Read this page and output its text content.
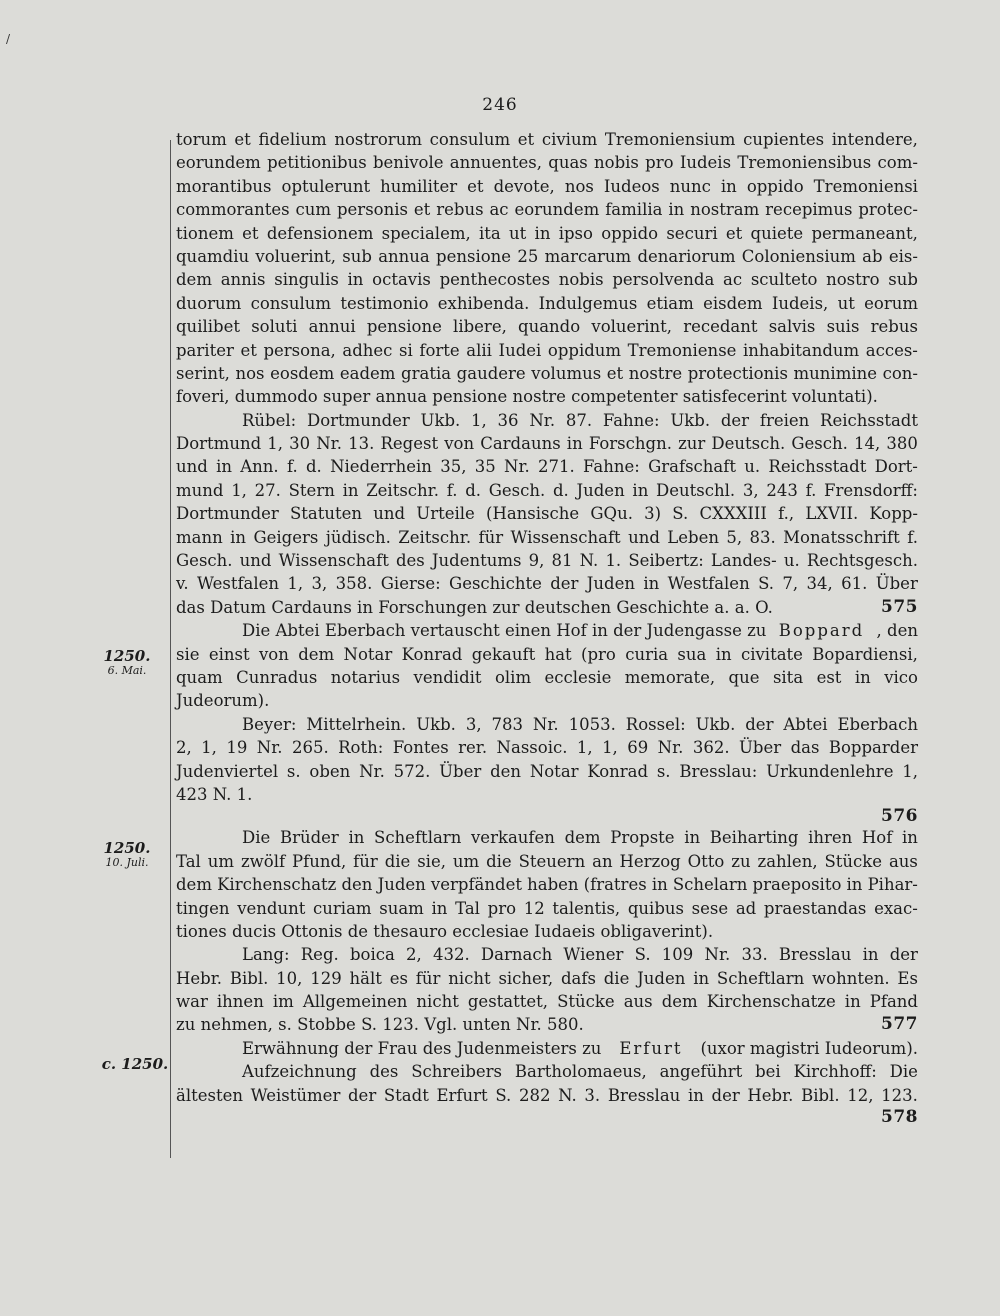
/
246
1250.
6. Mai.
1250.
10. Juli.
c. 1250.
torum et fidelium nostrorum consulum et civium Tremoniensium cupientes intendere,
eorundem petitionibus benivole annuentes, quas nobis pro Iudeis Tremoniensibus com-
morantibus optulerunt humiliter et devote, nos Iudeos nunc in oppido Tremoniensi
commorantes cum personis et rebus ac eorundem familia in nostram recepimus protec-
tionem et defensionem specialem, ita ut in ipso oppido securi et quiete permaneant,
quamdiu voluerint, sub annua pensione 25 marcarum denariorum Coloniensium ab eis-
dem annis singulis in octavis penthecostes nobis persolvenda ac sculteto nostro sub
duorum consulum testimonio exhibenda. Indulgemus etiam eisdem Iudeis, ut eorum
quilibet soluti annui pensione libere, quando voluerint, recedant salvis suis rebus
pariter et persona, adhec si forte alii Iudei oppidum Tremoniense inhabitandum acces-
serint, nos eosdem eadem gratia gaudere volumus et nostre protectionis munimine con-
foveri, dummodo super annua pensione nostre competenter satisfecerint voluntati).
Rübel: Dortmunder Ukb. 1, 36 Nr. 87. Fahne: Ukb. der freien Reichsstadt
Dortmund 1, 30 Nr. 13. Regest von Cardauns in Forschgn. zur Deutsch. Gesch. 14, 380
und in Ann. f. d. Niederrhein 35, 35 Nr. 271. Fahne: Grafschaft u. Reichsstadt Dort-
mund 1, 27. Stern in Zeitschr. f. d. Gesch. d. Juden in Deutschl. 3, 243 f. Frensdorff:
Dortmunder Statuten und Urteile (Hansische GQu. 3) S. CXXXIII f., LXVII. Kopp-
mann in Geigers jüdisch. Zeitschr. für Wissenschaft und Leben 5, 83. Monatsschrift f.
Gesch. und Wissenschaft des Judentums 9, 81 N. 1. Seibertz: Landes- u. Rechtsgesch.
v. Westfalen 1, 3, 358. Gierse: Geschichte der Juden in Westfalen S. 7, 34, 61. Über
das Datum Cardauns in Forschungen zur deutschen Geschichte a. a. O.	575
Die Abtei Eberbach vertauscht einen Hof in der Judengasse zu Boppard , den
sie einst von dem Notar Konrad gekauft hat (pro curia sua in civitate Bopardiensi,
quam Cunradus notarius vendidit olim ecclesie memorate, que sita est in vico
Judeorum).
Beyer: Mittelrhein. Ukb. 3, 783 Nr. 1053. Rossel: Ukb. der Abtei Eberbach
2, 1, 19 Nr. 265. Roth: Fontes rer. Nassoic. 1, 1, 69 Nr. 362. Über das Bopparder
Judenviertel s. oben Nr. 572. Über den Notar Konrad s. Bresslau: Urkundenlehre 1,
423 N. 1.
576
Die Brüder in Scheftlarn verkaufen dem Propste in Beiharting ihren Hof in
Tal um zwölf Pfund, für die sie, um die Steuern an Herzog Otto zu zahlen, Stücke aus
dem Kirchenschatz den Juden verpfändet haben (fratres in Schelarn praeposito in Pihar-
tingen vendunt curiam suam in Tal pro 12 talentis, quibus sese ad praestandas exac-
tiones ducis Ottonis de thesauro ecclesiae Iudaeis obligaverint).
Lang: Reg. boica 2, 432. Darnach Wiener S. 109 Nr. 33. Bresslau in der
Hebr. Bibl. 10, 129 hält es für nicht sicher, dafs die Juden in Scheftlarn wohnten. Es
war ihnen im Allgemeinen nicht gestattet, Stücke aus dem Kirchenschatze in Pfand
zu nehmen, s. Stobbe S. 123. Vgl. unten Nr. 580.	577
Erwähnung der Frau des Judenmeisters zu Erfurt (uxor magistri Iudeorum).
Aufzeichnung des Schreibers Bartholomaeus, angeführt bei Kirchhoff: Die
ältesten Weistümer der Stadt Erfurt S. 282 N. 3. Bresslau in der Hebr. Bibl. 12, 123.
578
